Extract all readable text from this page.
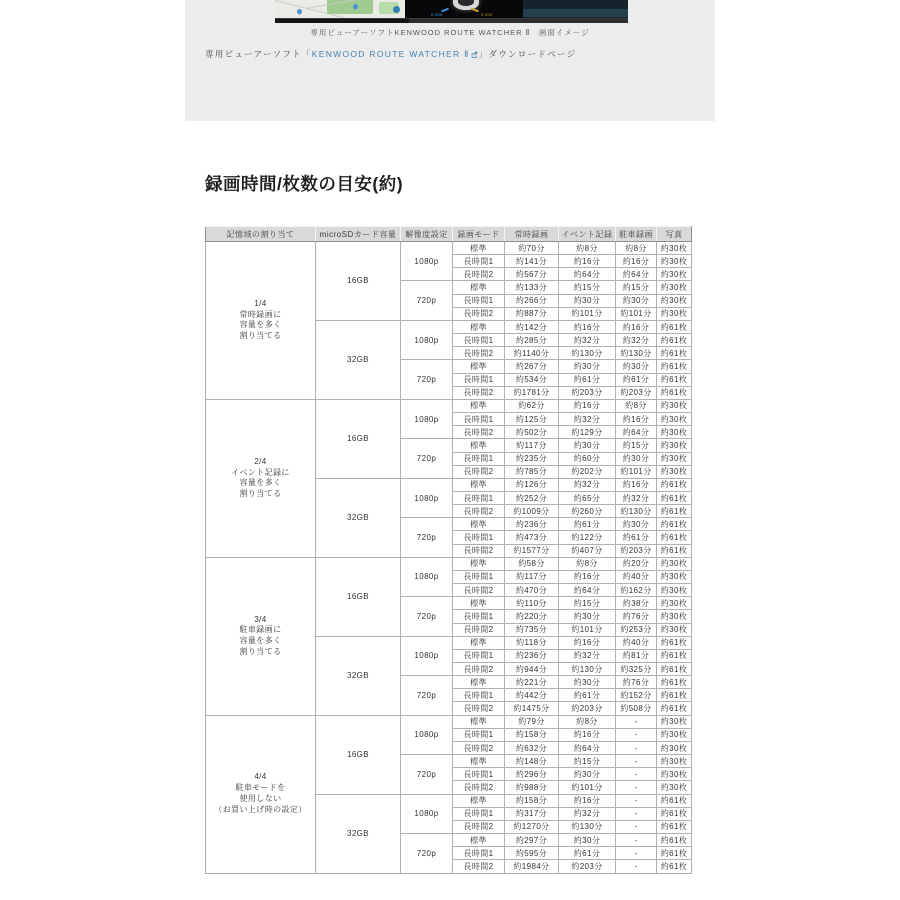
0.000	0.000
専用ビューアーソフトKENWOOD ROUTE WATCHER Ⅱ　画面イメージ
専用ビューアーソフト「KENWOOD ROUTE WATCHER Ⅱ 」ダウンロードページ
録画時間/枚数の目安(約)
記憶域の割り当て	microSDカード容量	解像度設定	録画モード	常時録画	イベント記録	駐車録画	写真

1/4
常時録画に
容量を多く
割り当てる	16GB	1080p	標準	約70分	約8分	約8分	約30枚
			長時間1	約141分	約16分	約16分	約30枚
			長時間2	約567分	約64分	約64分	約30枚
		720p	標準	約133分	約15分	約15分	約30枚
			長時間1	約266分	約30分	約30分	約30枚
			長時間2	約887分	約101分	約101分	約30枚
	32GB	1080p	標準	約142分	約16分	約16分	約61枚
			長時間1	約285分	約32分	約32分	約61枚
			長時間2	約1140分	約130分	約130分	約61枚
		720p	標準	約267分	約30分	約30分	約61枚
			長時間1	約534分	約61分	約61分	約61枚
			長時間2	約1781分	約203分	約203分	約61枚

2/4
イベント記録に
容量を多く
割り当てる	16GB	1080p	標準	約62分	約16分	約8分	約30枚
			長時間1	約125分	約32分	約16分	約30枚
			長時間2	約502分	約129分	約64分	約30枚
		720p	標準	約117分	約30分	約15分	約30枚
			長時間1	約235分	約60分	約30分	約30枚
			長時間2	約785分	約202分	約101分	約30枚
	32GB	1080p	標準	約126分	約32分	約16分	約61枚
			長時間1	約252分	約65分	約32分	約61枚
			長時間2	約1009分	約260分	約130分	約61枚
		720p	標準	約236分	約61分	約30分	約61枚
			長時間1	約473分	約122分	約61分	約61枚
			長時間2	約1577分	約407分	約203分	約61枚

3/4
駐車録画に
容量を多く
割り当てる	16GB	1080p	標準	約58分	約8分	約20分	約30枚
			長時間1	約117分	約16分	約40分	約30枚
			長時間2	約470分	約64分	約162分	約30枚
		720p	標準	約110分	約15分	約38分	約30枚
			長時間1	約220分	約30分	約76分	約30枚
			長時間2	約735分	約101分	約253分	約30枚
	32GB	1080p	標準	約118分	約16分	約40分	約61枚
			長時間1	約236分	約32分	約81分	約61枚
			長時間2	約944分	約130分	約325分	約61枚
		720p	標準	約221分	約30分	約76分	約61枚
			長時間1	約442分	約61分	約152分	約61枚
			長時間2	約1475分	約203分	約508分	約61枚

4/4
駐車モードを
使用しない
（お買い上げ時の設定）	16GB	1080p	標準	約79分	約8分	-	約30枚
			長時間1	約158分	約16分	-	約30枚
			長時間2	約632分	約64分	-	約30枚
		720p	標準	約148分	約15分	-	約30枚
			長時間1	約296分	約30分	-	約30枚
			長時間2	約988分	約101分	-	約30枚
	32GB	1080p	標準	約158分	約16分	-	約61枚
			長時間1	約317分	約32分	-	約61枚
			長時間2	約1270分	約130分	-	約61枚
		720p	標準	約297分	約30分	-	約61枚
			長時間1	約595分	約61分	-	約61枚
			長時間2	約1984分	約203分	-	約61枚
